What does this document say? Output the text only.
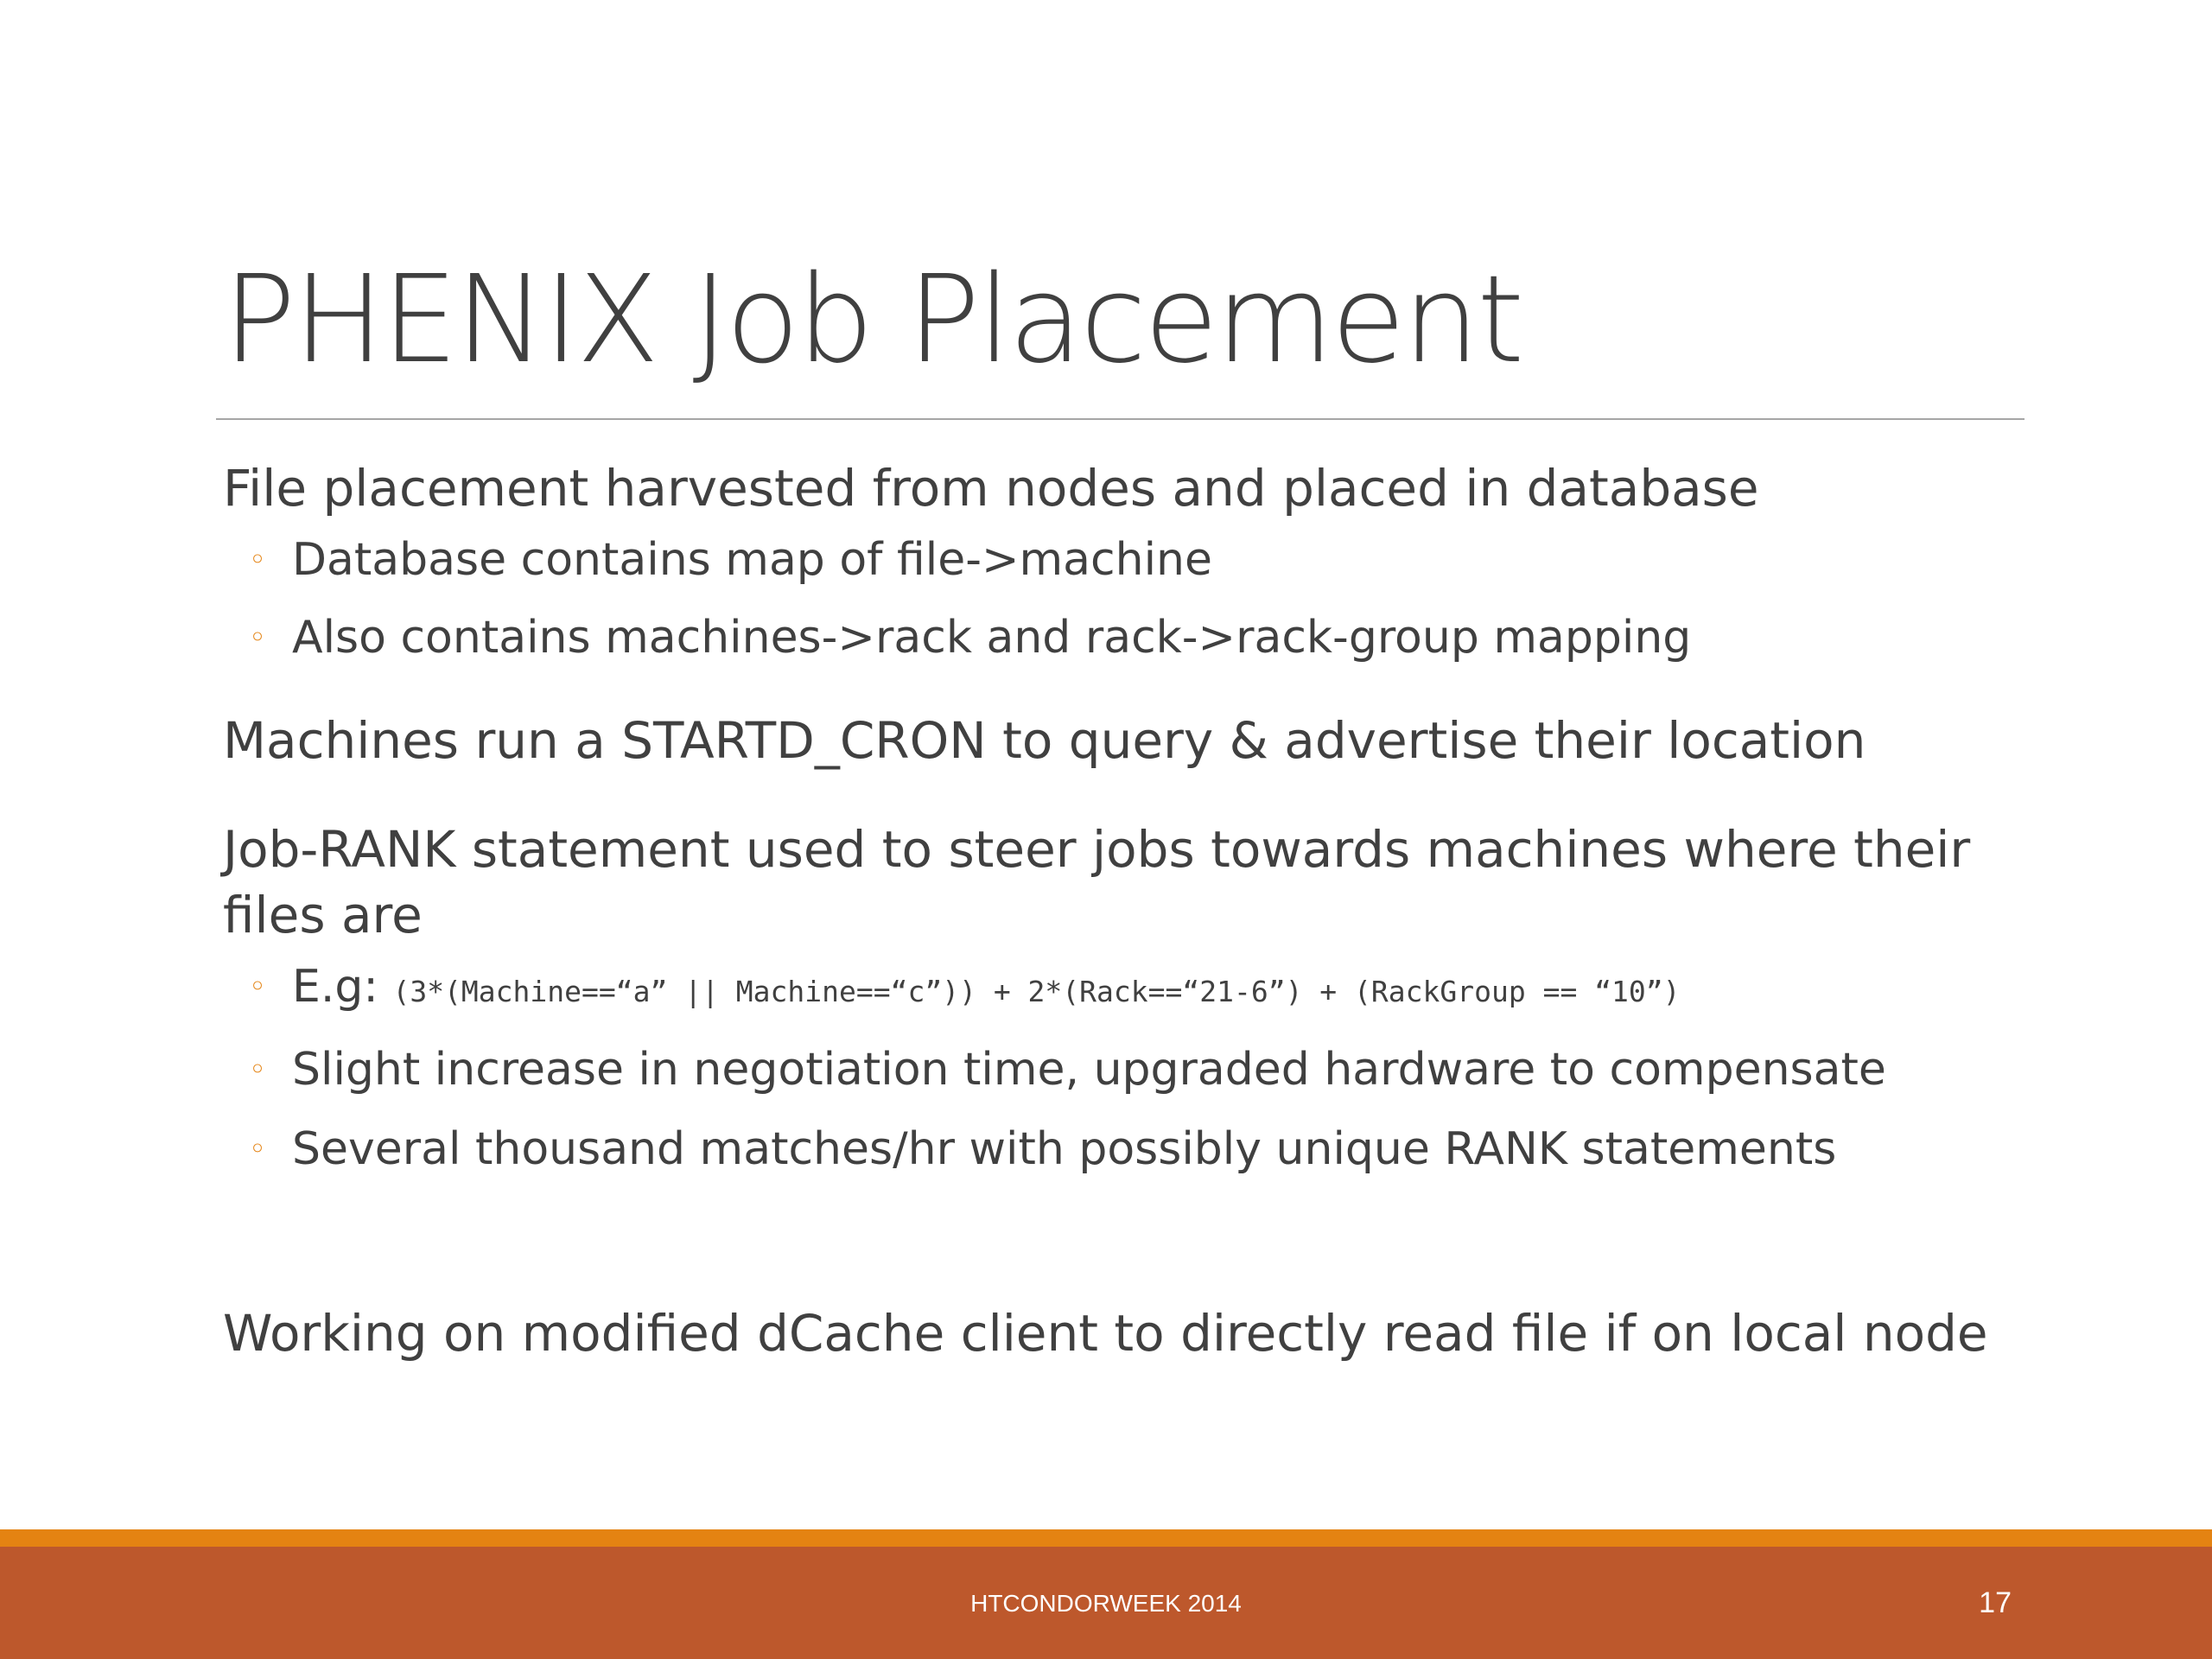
PHENIX Job Placement

File placement harvested from nodes and placed in database

◦ Database contains map of file->machine
◦ Also contains machines->rack and rack->rack-group mapping

Machines run a STARTD_CRON to query & advertise their location

Job-RANK statement used to steer jobs towards machines where their files are

◦ E.g: (3*(Machine==“a” || Machine==“c”)) + 2*(Rack==“21-6”) + (RackGroup == “10”)
◦ Slight increase in negotiation time, upgraded hardware to compensate
◦ Several thousand matches/hr with possibly unique RANK statements

Working on modified dCache client to directly read file if on local node

HTCONDORWEEK 2014	17
